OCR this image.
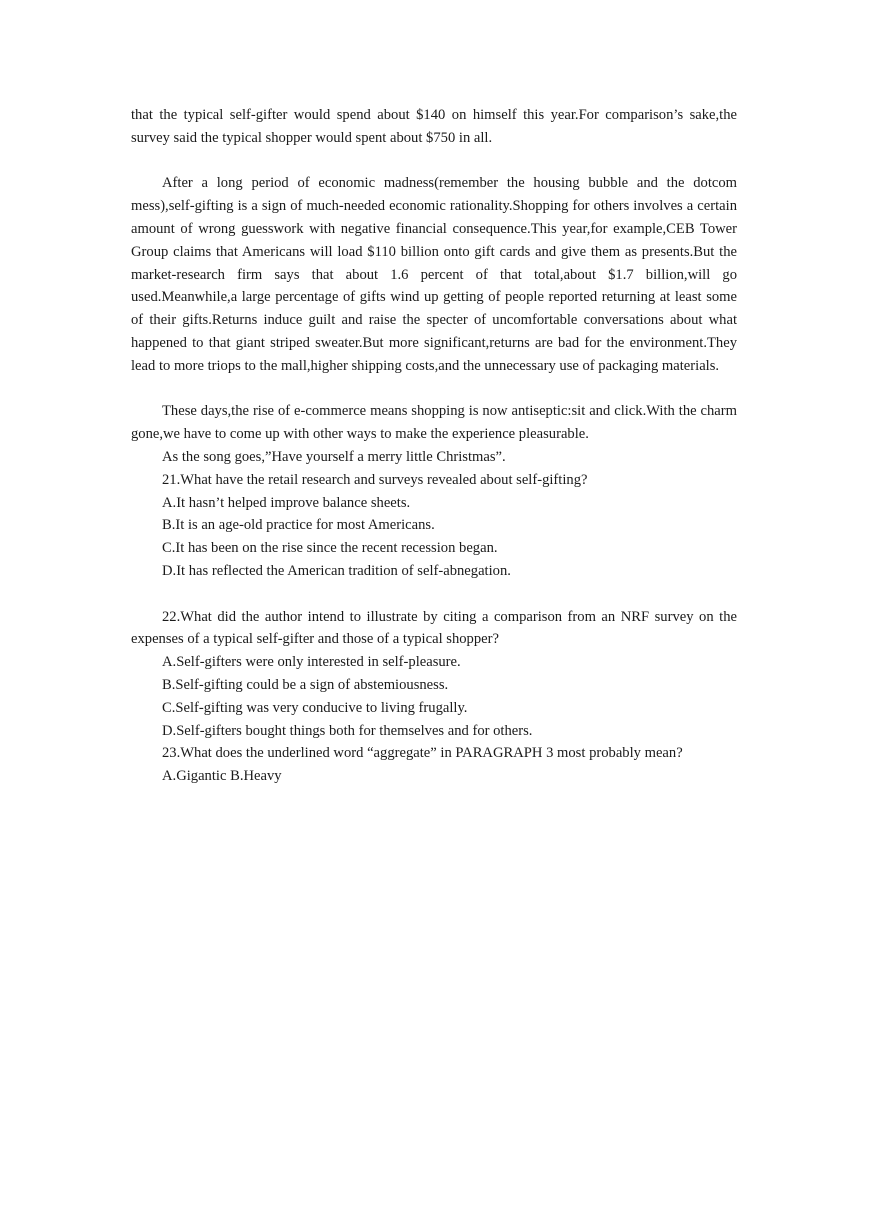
that the typical self-gifter would spend about $140 on himself this year.For comparison’s sake,the survey said the typical shopper would spent about $750 in all.

After a long period of economic madness(remember the housing bubble and the dotcom mess),self-gifting is a sign of much-needed economic rationality.Shopping for others involves a certain amount of wrong guesswork with negative financial consequence.This year,for example,CEB Tower Group claims that Americans will load $110 billion onto gift cards and give them as presents.But the market-research firm says that about 1.6 percent of that total,about $1.7 billion,will go used.Meanwhile,a large percentage of gifts wind up getting of people reported returning at least some of their gifts.Returns induce guilt and raise the specter of uncomfortable conversations about what happened to that giant striped sweater.But more significant,returns are bad for the environment.They lead to more triops to the mall,higher shipping costs,and the unnecessary use of packaging materials.

These days,the rise of e-commerce means shopping is now antiseptic:sit and click.With the charm gone,we have to come up with other ways to make the experience pleasurable.

As the song goes,”Have yourself a merry little Christmas”.

21.What have the retail research and surveys revealed about self-gifting?

A.It hasn’t helped improve balance sheets.

B.It is an age-old practice for most Americans.

C.It has been on the rise since the recent recession began.

D.It has reflected the American tradition of self-abnegation.

22.What did the author intend to illustrate by citing a comparison from an NRF survey on the expenses of a typical self-gifter and those of a typical shopper?

A.Self-gifters were only interested in self-pleasure.

B.Self-gifting could be a sign of abstemiousness.

C.Self-gifting was very conducive to living frugally.

D.Self-gifters bought things both for themselves and for others.

23.What does the underlined word “aggregate” in PARAGRAPH 3 most probably mean?

A.Gigantic B.Heavy
